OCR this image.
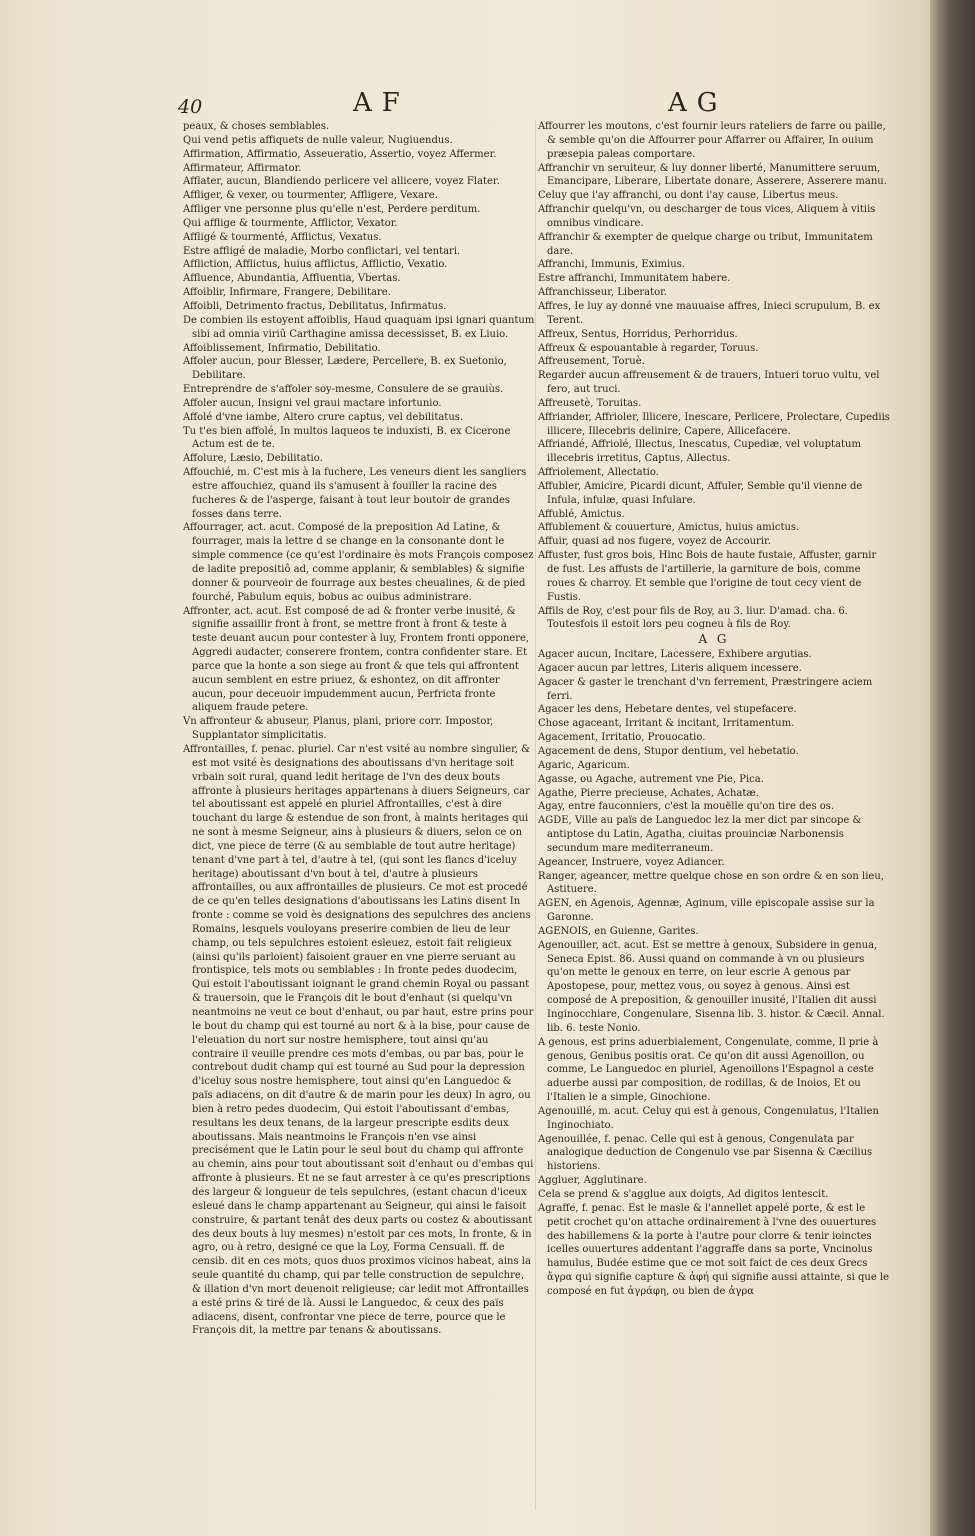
40	AF	AG

peaux, & choses semblables.

Qui vend petis affiquets de nulle valeur, Nugiuendus.

Affirmation, Affirmatio, Asseueratio, Assertio, voyez Affermer.

Affirmateur, Affirmator.

Afflater, aucun, Blandiendo perlicere vel allicere, voyez Flater.

Affliger, & vexer, ou tourmenter, Affligere, Vexare.

Affliger vne personne plus qu'elle n'est, Perdere perditum.

Qui afflige & tourmente, Afflictor, Vexator.

Affligé & tourmenté, Afflictus, Vexatus.

Estre affligé de maladie, Morbo conflictari, vel tentari.

Affliction, Afflictus, huius afflictus, Afflictio, Vexatio.

Affluence, Abundantia, Affluentia, Vbertas.

Affoiblir, Infirmare, Frangere, Debilitare.

Affoibli, Detrimento fractus, Debilitatus, Infirmatus.

De combien ils estoyent affoiblis, Haud quaquam ipsi ignari quantum sibi ad omnia viriû Carthagine amissa decessisset, B. ex Liuio.

Affoiblissement, Infirmatio, Debilitatio.

Affoler aucun, pour Blesser, Lædere, Percellere, B. ex Suetonio, Debilitare.

Entreprendre de s'affoler soy-mesme, Consulere de se grauiùs.

Affoler aucun, Insigni vel graui mactare infortunio.

Affolé d'vne iambe, Altero crure captus, vel debilitatus.

Tu t'es bien affolé, In multos laqueos te induxisti, B. ex Cicerone Actum est de te.

Affolure, Læsio, Debilitatio.

Affouchié, m. C'est mis à la fuchere, Les veneurs dient les sangliers estre affouchiez, quand ils s'amusent à fouiller la racine des fucheres & de l'asperge, faisant à tout leur boutoir de grandes fosses dans terre.

Affourrager, act. acut. Composé de la preposition Ad Latine, & fourrager, mais la lettre d se change en la consonante dont le simple commence (ce qu'est l'ordinaire ès mots François composez de ladite prepositiô ad, comme applanir, & semblables) & signifie donner & pourveoir de fourrage aux bestes cheualines, & de pied fourché, Pabulum equis, bobus ac ouibus administrare.

Affronter, act. acut. Est composé de ad & fronter verbe inusité, & signifie assaillir front à front, se mettre front à front & teste à teste deuant aucun pour contester à luy, Frontem fronti opponere, Aggredi audacter, conserere frontem, contra confidenter stare. Et parce que la honte a son siege au front & que tels qui affrontent aucun semblent en estre priuez, & eshontez, on dit affronter aucun, pour deceuoir impudemment aucun, Perfricta fronte aliquem fraude petere.

Vn affronteur & abuseur, Planus, plani, priore corr. Impostor, Supplantator simplicitatis.

Affrontailles, f. penac. pluriel. Car n'est vsité au nombre singulier, & est mot vsité ès designations des aboutissans d'vn heritage soit vrbain soit rural, quand ledit heritage de l'vn des deux bouts affronte à plusieurs heritages appartenans à diuers Seigneurs, car tel aboutissant est appelé en pluriel Affrontailles, c'est à dire touchant du large & estendue de son front, à maints heritages qui ne sont à mesme Seigneur, ains à plusieurs & diuers, selon ce on dict, vne piece de terre (& au semblable de tout autre heritage) tenant d'vne part à tel, d'autre à tel, (qui sont les flancs d'iceluy heritage) aboutissant d'vn bout à tel, d'autre à plusieurs affrontailles, ou aux affrontailles de plusieurs. Ce mot est procedé de ce qu'en telles designations d'aboutissans les Latins disent In fronte : comme se void ès designations des sepulchres des anciens Romains, lesquels vouloyans preserire combien de lieu de leur champ, ou tels sepulchres estoient esleuez, estoit fait religieux (ainsi qu'ils parloient) faisoient grauer en vne pierre seruant au frontispice, tels mots ou semblables : In fronte pedes duodecim, Qui estoit l'aboutissant ioignant le grand chemin Royal ou passant & trauersoin, que le François dit le bout d'enhaut (si quelqu'vn neantmoins ne veut ce bout d'enhaut, ou par haut, estre prins pour le bout du champ qui est tourné au nort & à la bise, pour cause de l'eleuation du nort sur nostre hemisphere, tout ainsi qu'au contraire il veuille prendre ces mots d'embas, ou par bas, pour le contrebout dudit champ qui est tourné au Sud pour la depression d'iceluy sous nostre hemisphere, tout ainsi qu'en Languedoc & païs adiacens, on dit d'autre & de marin pour les deux) In agro, ou bien à retro pedes duodecim, Qui estoit l'aboutissant d'embas, resultans les deux tenans, de la largeur prescripte esdits deux aboutissans. Mais neantmoins le François n'en vse ainsi precisément que le Latin pour le seul bout du champ qui affronte au chemin, ains pour tout aboutissant soit d'enhaut ou d'embas qui affronte à plusieurs. Et ne se faut arrester à ce qu'es prescriptions des largeur & longueur de tels sepulchres, (estant chacun d'iceux esleué dans le champ appartenant au Seigneur, qui ainsi le faisoit construire, & partant tenât des deux parts ou costez & aboutissant des deux bouts à luy mesmes) n'estoit par ces mots, In fronte, & in agro, ou à retro, designé ce que la Loy, Forma Censuali. ff. de censib. dit en ces mots, quos duos proximos vicinos habeat, ains la seule quantité du champ, qui par telle construction de sepulchre, & illation d'vn mort deuenoit religieuse; car ledit mot Affrontailles a esté prins & tiré de là. Aussi le Languedoc, & ceux des païs adiacens, disent, confrontar vne piece de terre, pource que le François dit, la mettre par tenans & aboutissans.

Affourrer les moutons, c'est fournir leurs rateliers de farre ou paille, & semble qu'on die Affourrer pour Affarrer ou Affairer, In ouium præsepia paleas comportare.

Affranchir vn seruiteur, & luy donner liberté, Manumittere seruum, Emancipare, Liberare, Libertate donare, Asserere, Asserere manu.

Celuy que i'ay affranchi, ou dont i'ay cause, Libertus meus.

Affranchir quelqu'vn, ou descharger de tous vices, Aliquem à vitiis omnibus vindicare.

Affranchir & exempter de quelque charge ou tribut, Immunitatem dare.

Affranchi, Immunis, Eximius.

Estre affranchi, Immunitatem habere.

Affranchisseur, Liberator.

Affres, Ie luy ay donné vne mauuaise affres, Inieci scrupulum, B. ex Terent.

Affreux, Sentus, Horridus, Perhorridus.

Affreux & espouantable à regarder, Toruus.

Affreusement, Toruè.

Regarder aucun affreusement & de trauers, Intueri toruo vultu, vel fero, aut truci.

Affreusetè, Toruitas.

Affriander, Affrioler, Illicere, Inescare, Perlicere, Prolectare, Cupediis illicere, Illecebris delinire, Capere, Allicefacere.

Affriandé, Affriolé, Illectus, Inescatus, Cupediæ, vel voluptatum illecebris irretitus, Captus, Allectus.

Affriolement, Allectatio.

Affubler, Amicire, Picardi dicunt, Affuler, Semble qu'il vienne de Infula, infulæ, quasi Infulare.

Affublé, Amictus.

Affublement & couuerture, Amictus, huius amictus.

Affuir, quasi ad nos fugere, voyez de Accourir.

Affuster, fust gros bois, Hinc Bois de haute fustaie, Affuster, garnir de fust. Les affusts de l'artillerie, la garniture de bois, comme roues & charroy. Et semble que l'origine de tout cecy vient de Fustis.

Affils de Roy, c'est pour fils de Roy, au 3. liur. D'amad. cha. 6. Toutesfois il estoit lors peu cogneu à fils de Roy.

A G

Agacer aucun, Incitare, Lacessere, Exhibere argutias.

Agacer aucun par lettres, Literis aliquem incessere.

Agacer & gaster le trenchant d'vn ferrement, Præstringere aciem ferri.

Agacer les dens, Hebetare dentes, vel stupefacere.

Chose agaceant, Irritant & incitant, Irritamentum.

Agacement, Irritatio, Prouocatio.

Agacement de dens, Stupor dentium, vel hebetatio.

Agaric, Agaricum.

Agasse, ou Agache, autrement vne Pie, Pica.

Agathe, Pierre precieuse, Achates, Achatæ.

Agay, entre fauconniers, c'est la mouëlle qu'on tire des os.

AGDE, Ville au païs de Languedoc lez la mer dict par sincope & antiptose du Latin, Agatha, ciuitas prouinciæ Narbonensis secundum mare mediterraneum.

Ageancer, Instruere, voyez Adiancer.

Ranger, ageancer, mettre quelque chose en son ordre & en son lieu, Astituere.

AGEN, en Agenois, Agennæ, Aginum, ville episcopale assise sur la Garonne.

AGENOIS, en Guienne, Garites.

Agenouiller, act. acut. Est se mettre à genoux, Subsidere in genua, Seneca Epist. 86. Aussi quand on commande à vn ou plusieurs qu'on mette le genoux en terre, on leur escrie A genous par Apostopese, pour, mettez vous, ou soyez à genous. Ainsi est composé de A preposition, & genouiller inusité, l'Italien dit aussi Inginocchiare, Congenulare, Sisenna lib. 3. histor. & Cæcil. Annal. lib. 6. teste Nonio.

A genous, est prins aduerbialement, Congenulate, comme, Il prie à genous, Genibus positis orat. Ce qu'on dit aussi Agenoillon, ou comme, Le Languedoc en pluriel, Agenoillons l'Espagnol a ceste aduerbe aussi par composition, de rodillas, & de Inoios, Et ou l'Italien le a simple, Ginochione.

Agenouillé, m. acut. Celuy qui est à genous, Congenulatus, l'Italien Inginochiato.

Agenouillée, f. penac. Celle qui est à genous, Congenulata par analogique deduction de Congenulo vse par Sisenna & Cæcilius historiens.

Aggluer, Agglutinare.

Cela se prend & s'agglue aux doigts, Ad digitos lentescit.

Agraffe, f. penac. Est le masle & l'annellet appelé porte, & est le petit crochet qu'on attache ordinairement à l'vne des ouuertures des habillemens & la porte à l'autre pour clorre & tenir ioinctes icelles ouuertures addentant l'aggraffe dans sa porte, Vncinolus hamulus, Budée estime que ce mot soit faict de ces deux Grecs ἄγρα qui signifie capture & ἀφή qui signifie aussi attainte, si que le composé en fut ἀγράφη, ou bien de ἀγρα
